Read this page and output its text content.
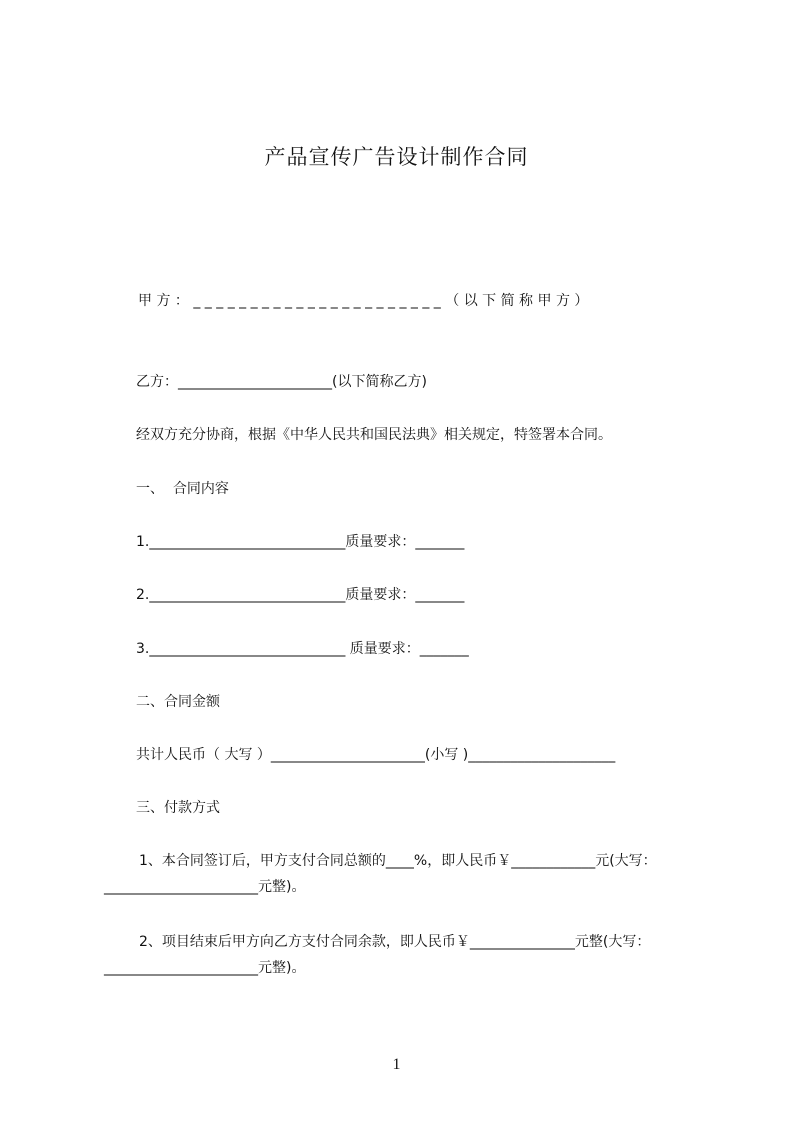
产品宣传广告设计制作合同
甲 方 ： _ _ _ _ _ _ _ _ _ _ _ _ _ _ _ _ _ _ _ _ _ _ （ 以 下 简 称 甲 方 ）
乙方：______________________(以下简称乙方)
经双方充分协商，根据《中华人民共和国民法典》相关规定，特签署本合同。
一、  合同内容
1.____________________________质量要求：_______
2.____________________________质量要求：_______
3.____________________________ 质量要求：_______
二、合同金额
共计人民币（ 大写 ）______________________(小写 )_____________________
三、付款方式
1、本合同签订后，甲方支付合同总额的____%，即人民币￥____________元(大写：
______________________元整)。
2、项目结束后甲方向乙方支付合同余款，即人民币￥_______________元整(大写：
______________________元整)。
1
